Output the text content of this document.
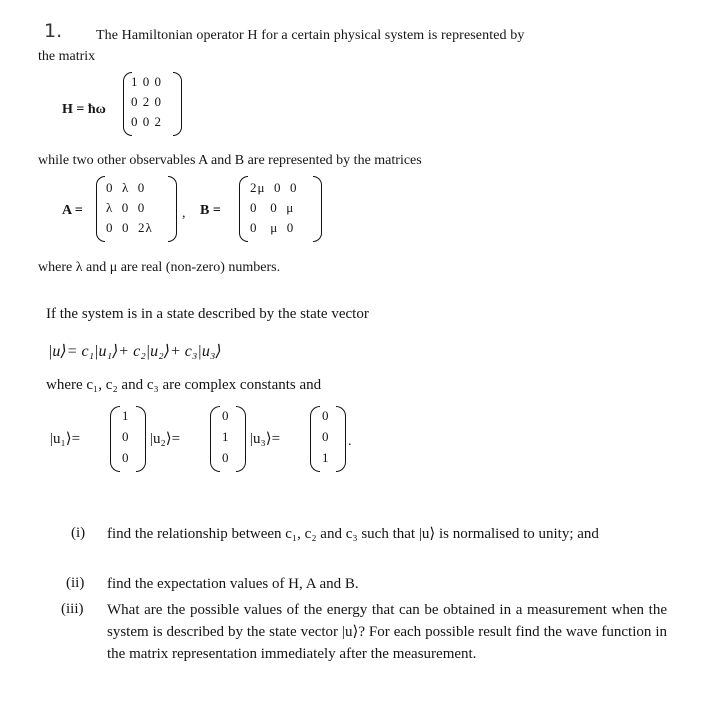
1. The Hamiltonian operator H for a certain physical system is represented by
the matrix
H = ħω
1 0 0
0 2 0
0 0 2
while two other observables A and B are represented by the matrices
A =
0  λ  0
λ  0  0
0  0  2λ
, B =
2μ  0  0
0   0  μ
0   μ  0
where λ and μ are real (non-zero) numbers.
If the system is in a state described by the state vector
|u⟩= c₁|u₁⟩+ c₂|u₂⟩+ c₃|u₃⟩
where c₁, c₂ and c₃ are complex constants and
|u₁⟩=
1
0
0
|u₂⟩=
0
1
0
|u₃⟩=
0
0
1
.
(i) find the relationship between c₁, c₂ and c₃ such that |u⟩ is normalised to unity; and
(ii) find the expectation values of H, A and B.
(iii) What are the possible values of the energy that can be obtained in a measurement when the system is described by the state vector |u⟩? For each possible result find the wave function in the matrix representation immediately after the measurement.
